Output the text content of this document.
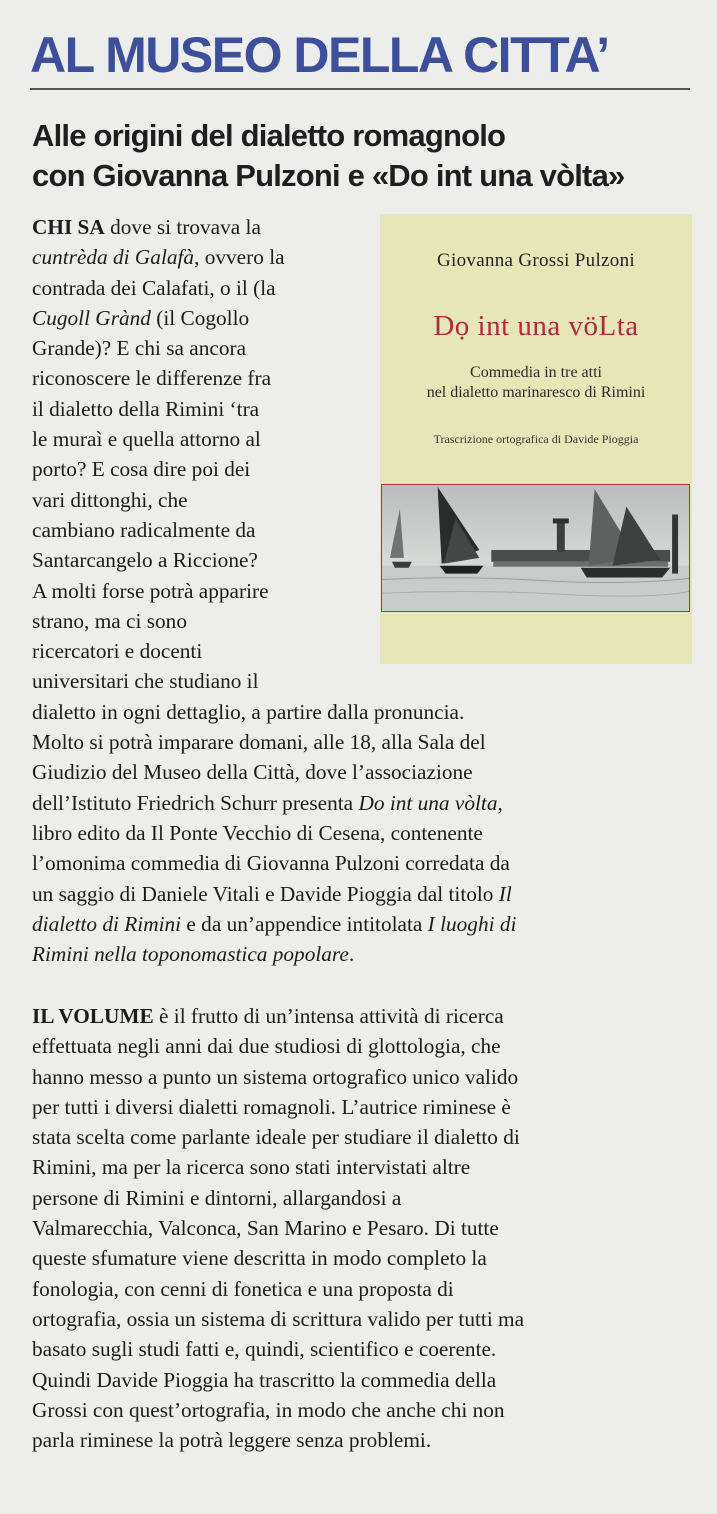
AL MUSEO DELLA CITTA’
Alle origini del dialetto romagnolo
con Giovanna Pulzoni e «Do int una vòlta»
Giovanna Grossi Pulzoni
Dọ int una vöLta
Commedia in tre atti
nel dialetto marinaresco di Rimini
Trascrizione ortografica di Davide Pioggia
CHI SA dove si trovava la
cuntrèda di Galafà, ovvero la
contrada dei Calafati, o il (la
Cugoll Grànd (il Cogollo
Grande)? E chi sa ancora
riconoscere le differenze fra
il dialetto della Rimini ‘tra
le muraì e quella attorno al
porto? E cosa dire poi dei
vari dittonghi, che
cambiano radicalmente da
Santarcangelo a Riccione?
A molti forse potrà apparire
strano, ma ci sono
ricercatori e docenti
universitari che studiano il
dialetto in ogni dettaglio, a partire dalla pronuncia.
Molto si potrà imparare domani, alle 18, alla Sala del
Giudizio del Museo della Città, dove l’associazione
dell’Istituto Friedrich Schurr presenta Do int una vòlta,
libro edito da Il Ponte Vecchio di Cesena, contenente
l’omonima commedia di Giovanna Pulzoni corredata da
un saggio di Daniele Vitali e Davide Pioggia dal titolo Il
dialetto di Rimini e da un’appendice intitolata I luoghi di
Rimini nella toponomastica popolare.
IL VOLUME è il frutto di un’intensa attività di ricerca
effettuata negli anni dai due studiosi di glottologia, che
hanno messo a punto un sistema ortografico unico valido
per tutti i diversi dialetti romagnoli. L’autrice riminese è
stata scelta come parlante ideale per studiare il dialetto di
Rimini, ma per la ricerca sono stati intervistati altre
persone di Rimini e dintorni, allargandosi a
Valmarecchia, Valconca, San Marino e Pesaro. Di tutte
queste sfumature viene descritta in modo completo la
fonologia, con cenni di fonetica e una proposta di
ortografia, ossia un sistema di scrittura valido per tutti ma
basato sugli studi fatti e, quindi, scientifico e coerente.
Quindi Davide Pioggia ha trascritto la commedia della
Grossi con quest’ortografia, in modo che anche chi non
parla riminese la potrà leggere senza problemi.
